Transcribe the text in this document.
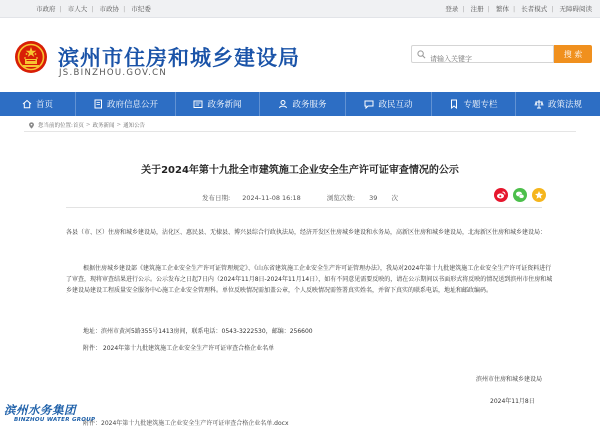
市政府 | 市人大 | 市政协 | 市纪委	登录 | 注册 | 繁体 | 长者模式 | 无障碍阅读
滨州市住房和城乡建设局
JS.BINZHOU.GOV.CN
请输入关键字
搜 索
首页	政府信息公开	政务新闻	政务服务	政民互动	专题专栏	政策法规
您当前的位置: 首页 > 政务新闻 > 通知公告
关于2024年第十九批全市建筑施工企业安全生产许可证审查情况的公示
发布日期: 2024-11-08 16:18	浏览次数: 39 次
各县（市、区）住房和城乡建设局，沾化区、惠民县、无棣县、博兴县综合行政执法局，经济开发区住房城乡建设和水务局，高新区住房和城乡建设局，北海新区住房和城乡建设局：
根据住房城乡建设部《建筑施工企业安全生产许可证管理规定》、《山东省建筑施工企业安全生产许可证管理办法》，我局对2024年第十九批建筑施工企业安全生产许可证资料进行了审查，现将审查结果进行公示。公示发布之日起7日内（2024年11月8日-2024年11月14日），如有不同意见需要反映的，请在公示期间以书面形式将反映的情况送到滨州市住房和城乡建设局建设工程质量安全服务中心施工企业安全管理科。单位反映情况需加盖公章，个人反映情况需签署真实姓名，并留下真实的联系电话，地址和邮政编码。
地址：滨州市黄河5路355号1413房间，联系电话：0543-3222530，邮编：256600
附件： 2024年第十九批建筑施工企业安全生产许可证审查合格企业名单
滨州市住房和城乡建设局
2024年11月8日
附件：2024年第十九批建筑施工企业安全生产许可证审查合格企业名单.docx
滨州水务集团
BINZHOU WATER GROUP
